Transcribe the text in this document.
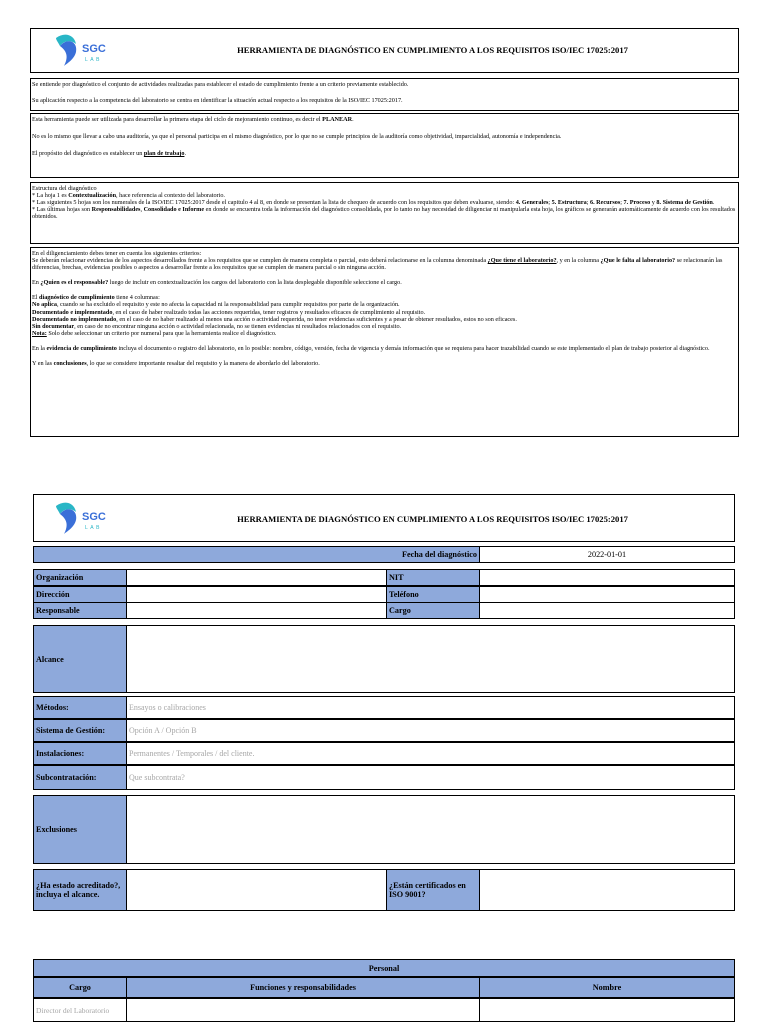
SGC
LAB
HERRAMIENTA DE DIAGNÓSTICO EN CUMPLIMIENTO A LOS REQUISITOS ISO/IEC 17025:2017

Se entiende por diagnóstico el conjunto de actividades realizadas para establecer el estado de cumplimiento frente a un criterio previamente establecido.

Su aplicación respecto a la competencia del laboratorio se centra en identificar la situación actual respecto a los requisitos de la ISO/IEC 17025:2017.

Esta herramienta puede ser utilizada para desarrollar la primera etapa del ciclo de mejoramiento continuo, es decir el PLANEAR.

No es lo mismo que llevar a cabo una auditoría, ya que el personal participa en el mismo diagnóstico, por lo que no se cumple principios de la auditoría como objetividad, imparcialidad, autonomía e independencia.

El propósito del diagnóstico es establecer un plan de trabajo.

Estructura del diagnóstico
* La hoja 1 es Contextualización, hace referencia al contexto del laboratorio.
* Las siguientes 5 hojas son los numerales de la ISO/IEC 17025:2017 desde el capitulo 4 al 8, en donde se presentan la lista de chequeo de acuerdo con los requisitos que deben evaluarse, siendo: 4. Generales; 5. Estructura; 6. Recursos; 7. Proceso y 8. Sistema de Gestión.
* Las últimas hojas son Responsabilidades, Consolidado e Informe en donde se encuentra toda la información del diagnóstico consolidada, por lo tanto no hay necesidad de diligenciar ni manipularla esta hoja, los gráficos se generarán automáticamente de acuerdo con los resultados obtenidos.

En el diligenciamiento debes tener en cuenta los siguientes criterios:
Se deberán relacionar evidencias de los aspectos desarrollados frente a los requisitos que se cumplen de manera completa o parcial, esto deberá relacionarse en la columna denominada ¿Que tiene el laboratorio?, y en la columna ¿Que le falta al laboratorio? se relacionarán las diferencias, brechas, evidencias posibles o aspectos a desarrollar frente a los requisitos que se cumplen de manera parcial o sin ninguna acción.

En ¿Quien es el responsable? luego de incluir en contextualización los cargos del laboratorio con la lista desplegable disponible seleccione el cargo.

El diagnóstico de cumplimiento tiene 4 columnas:
No aplica, cuando se ha excluido el requisito y este no afecta la capacidad ni la responsabilidad para cumplir requisitos por parte de la organización.
Documentado e implementado, en el caso de haber realizado todas las acciones requeridas, tener registros y resultados eficaces de cumplimiento al requisito.
Documentado no implementado, en el caso de no haber realizado al menos una acción o actividad requerida, no tener evidencias suficientes y a pesar de obtener resultados, estos no son eficaces.
Sin documentar, en caso de no encontrar ninguna acción o actividad relacionada, no se tienen evidencias ni resultados relacionados con el requisito.
Nota: Solo debe seleccionar un criterio por numeral para que la herramienta realice el diagnóstico.

En la evidencia de cumplimiento incluya el documento o registro del laboratorio, en lo posible: nombre, código, versión, fecha de vigencia y demás información que se requiera para hacer trazabilidad cuando se este implementado el plan de trabajo posterior al diagnóstico.

Y en las conclusiones, lo que se considere importante resaltar del requisito y la manera de abordarlo del laboratorio.

SGC
LAB
HERRAMIENTA DE DIAGNÓSTICO EN CUMPLIMIENTO A LOS REQUISITOS ISO/IEC 17025:2017
Fecha del diagnóstico	2022-01-01
Organización	NIT
Dirección	Teléfono
Responsable	Cargo
Alcance
Métodos:	Ensayos o calibraciones
Sistema de Gestión:	Opción A / Opción B
Instalaciones:	Permanentes / Temporales / del cliente.
Subcontratación:	Que subcontrata?
Exclusiones
¿Ha estado acreditado?, incluya el alcance.
¿Están certificados en ISO 9001?
Personal
Cargo	Funciones y responsabilidades	Nombre
Director del Laboratorio
